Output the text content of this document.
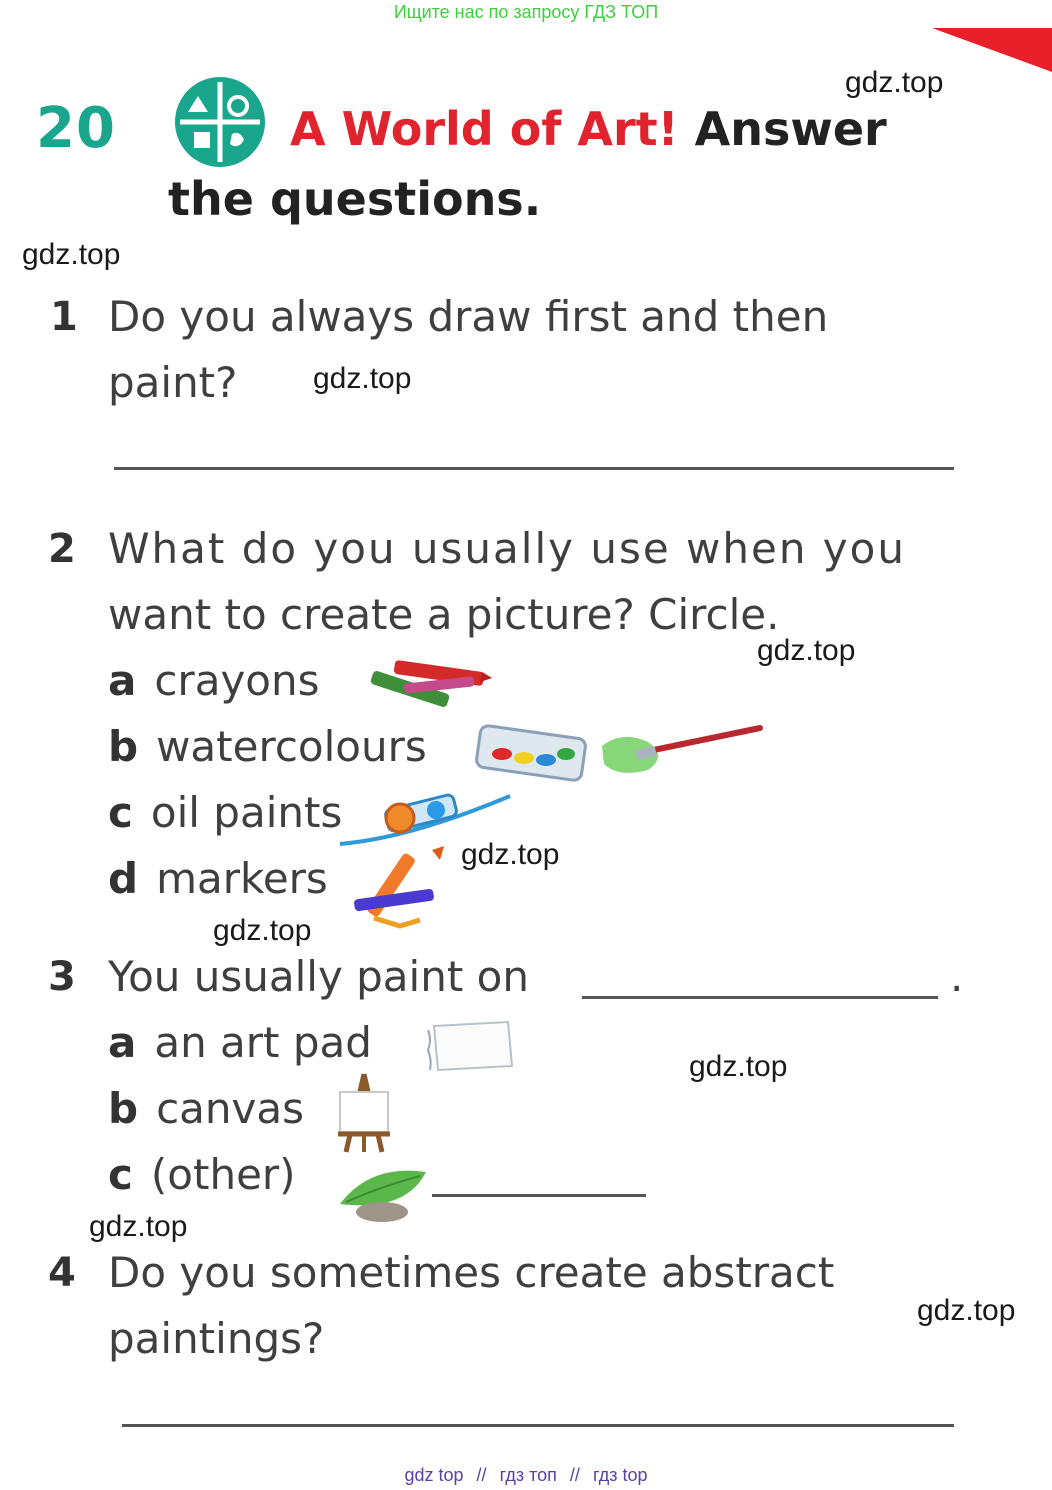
Ищите нас по запросу ГДЗ ТОП
20	A World of Art! Answer
the questions.
gdz.top
gdz.top
gdz.top
gdz.top
gdz.top
gdz.top
gdz.top
gdz.top
gdz.top
1 Do you always draw first and then
paint?
2 What do you usually use when you
want to create a picture? Circle.
a crayons
b watercolours
c oil paints
d markers
3 You usually paint on	.
a an art pad
b canvas
c (other)
4 Do you sometimes create abstract
paintings?
gdz top // гдз топ // гдз top
